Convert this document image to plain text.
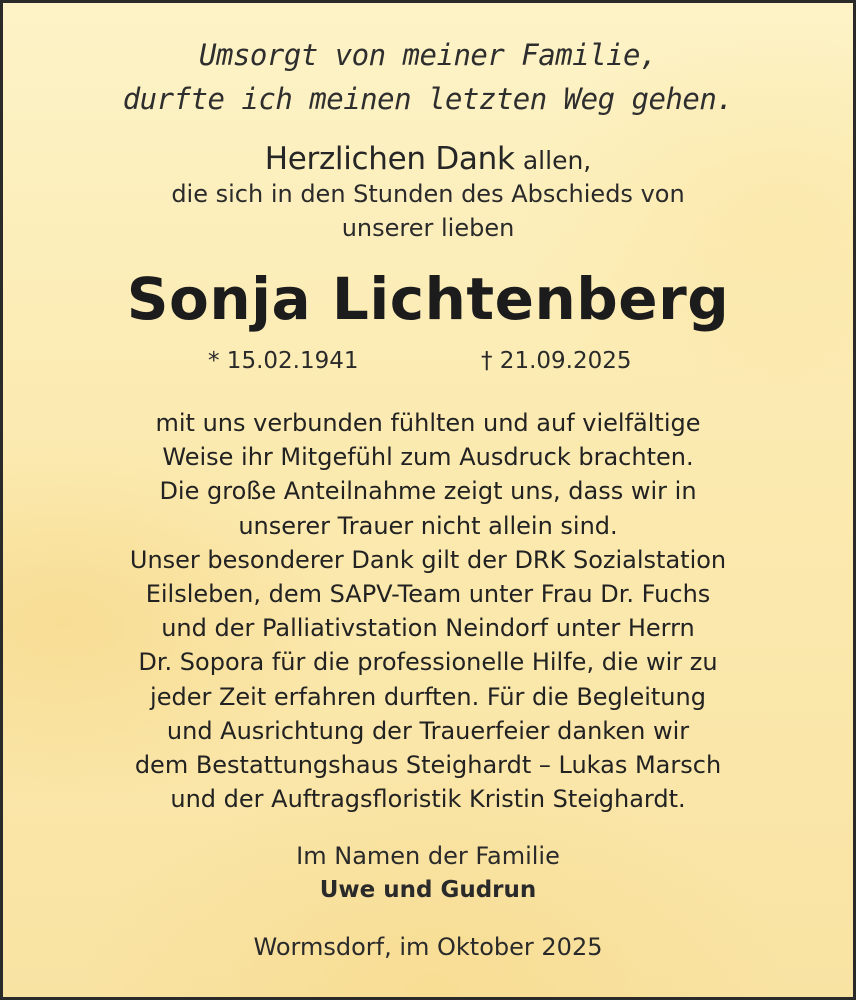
Umsorgt von meiner Familie,
durfte ich meinen letzten Weg gehen.

Herzlichen Dank allen,

die sich in den Stunden des Abschieds von
unserer lieben

Sonja Lichtenberg

* 15.02.1941	† 21.09.2025

mit uns verbunden fühlten und auf vielfältige
Weise ihr Mitgefühl zum Ausdruck brachten.
Die große Anteilnahme zeigt uns, dass wir in
unserer Trauer nicht allein sind.
Unser besonderer Dank gilt der DRK Sozialstation
Eilsleben, dem SAPV-Team unter Frau Dr. Fuchs
und der Palliativstation Neindorf unter Herrn
Dr. Sopora für die professionelle Hilfe, die wir zu
jeder Zeit erfahren durften. Für die Begleitung
und Ausrichtung der Trauerfeier danken wir
dem Bestattungshaus Steighardt – Lukas Marsch
und der Auftragsfloristik Kristin Steighardt.

Im Namen der Familie
Uwe und Gudrun

Wormsdorf, im Oktober 2025
